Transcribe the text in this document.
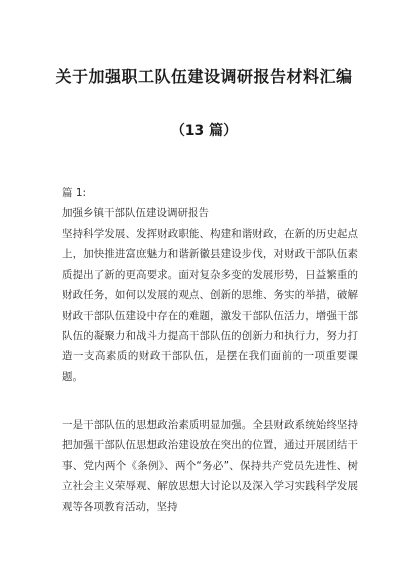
关于加强职工队伍建设调研报告材料汇编
（13 篇）
篇 1:
加强乡镇干部队伍建设调研报告

坚持科学发展、发挥财政职能、构建和谐财政，在新的历史起点上，加快推进富庶魅力和谐新徽县建设步伐，对财政干部队伍素质提出了新的更高要求。面对复杂多变的发展形势，日益繁重的财政任务，如何以发展的观点、创新的思维、务实的举措，破解财政干部队伍建设中存在的难题，激发干部队伍活力，增强干部队伍的凝聚力和战斗力提高干部队伍的创新力和执行力，努力打造一支高素质的财政干部队伍，是摆在我们面前的一项重要课题。

一是干部队伍的思想政治素质明显加强。全县财政系统始终坚持把加强干部队伍思想政治建设放在突出的位置，通过开展团结干事、党内两个《条例》、两个“务必”、保持共产党员先进性、树立社会主义荣辱观、解放思想大讨论以及深入学习实践科学发展观等各项教育活动，坚持
